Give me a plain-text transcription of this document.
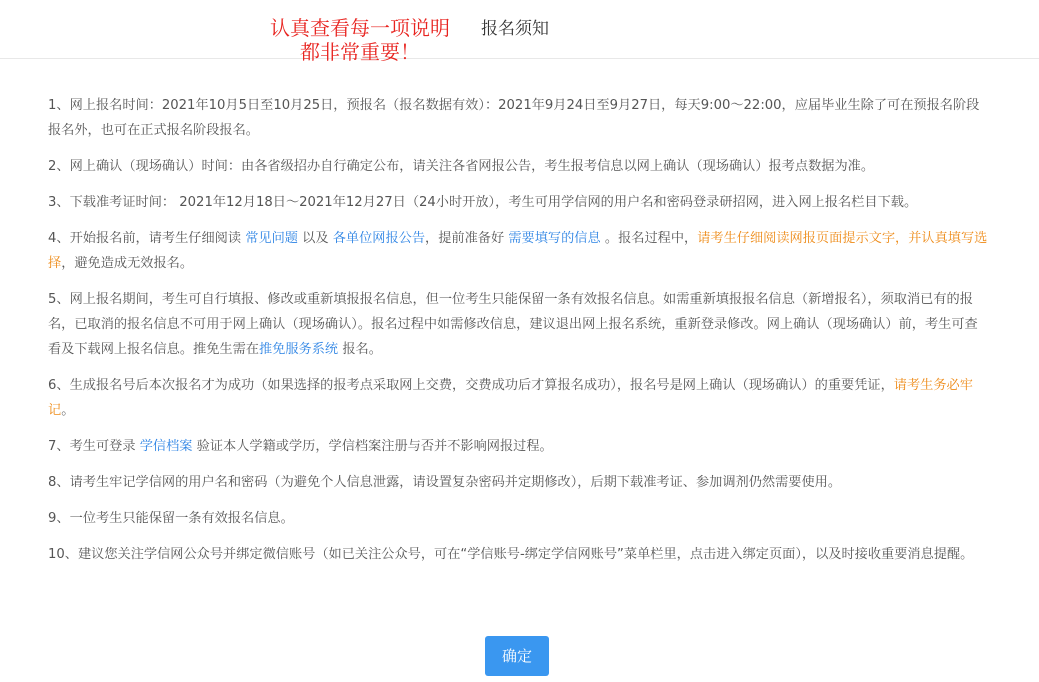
认真查看每一项说明
都非常重要！
报名须知
1、网上报名时间：2021年10月5日至10月25日，预报名（报名数据有效）：2021年9月24日至9月27日，每天9:00～22:00，应届毕业生除了可在预报名阶段报名外，也可在正式报名阶段报名。
2、网上确认（现场确认）时间：由各省级招办自行确定公布，请关注各省网报公告，考生报考信息以网上确认（现场确认）报考点数据为准。
3、下载准考证时间： 2021年12月18日～2021年12月27日（24小时开放），考生可用学信网的用户名和密码登录研招网，进入网上报名栏目下载。
4、开始报名前，请考生仔细阅读 常见问题 以及 各单位网报公告，提前准备好 需要填写的信息 。报名过程中，请考生仔细阅读网报页面提示文字，并认真填写选择，避免造成无效报名。
5、网上报名期间，考生可自行填报、修改或重新填报报名信息，但一位考生只能保留一条有效报名信息。如需重新填报报名信息（新增报名），须取消已有的报名，已取消的报名信息不可用于网上确认（现场确认）。报名过程中如需修改信息，建议退出网上报名系统，重新登录修改。网上确认（现场确认）前，考生可查看及下载网上报名信息。推免生需在推免服务系统 报名。
6、生成报名号后本次报名才为成功（如果选择的报考点采取网上交费，交费成功后才算报名成功），报名号是网上确认（现场确认）的重要凭证，请考生务必牢记。
7、考生可登录 学信档案 验证本人学籍或学历，学信档案注册与否并不影响网报过程。
8、请考生牢记学信网的用户名和密码（为避免个人信息泄露，请设置复杂密码并定期修改），后期下载准考证、参加调剂仍然需要使用。
9、一位考生只能保留一条有效报名信息。
10、建议您关注学信网公众号并绑定微信账号（如已关注公众号，可在“学信账号-绑定学信网账号”菜单栏里，点击进入绑定页面），以及时接收重要消息提醒。
确定
